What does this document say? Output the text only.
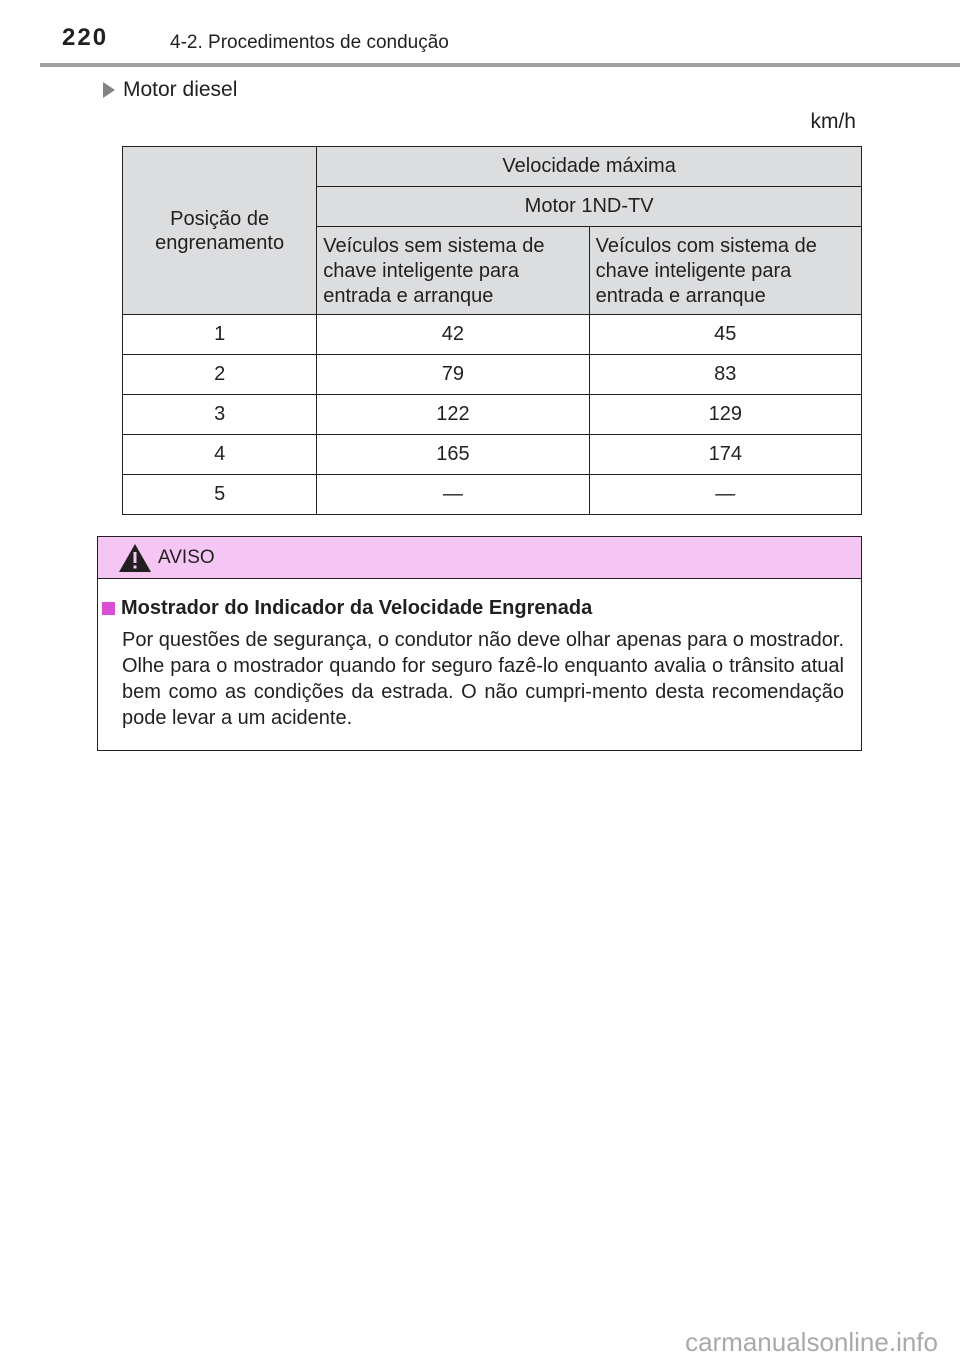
220	4-2. Procedimentos de condução
Motor diesel
km/h
Posição de engrenamento	Velocidade máxima	
	Motor 1ND-TV	
	Veículos sem sistema de chave inteligente para entrada e arranque	Veículos com sistema de chave inteligente para entrada e arranque
1	42	45
2	79	83
3	122	129
4	165	174
5	—	—
AVISO
Mostrador do Indicador da Velocidade Engrenada
Por questões de segurança, o condutor não deve olhar apenas para o mostrador. Olhe para o mostrador quando for seguro fazê-lo enquanto avalia o trânsito atual bem como as condições da estrada. O não cumpri-mento desta recomendação pode levar a um acidente.
carmanualsonline.info
